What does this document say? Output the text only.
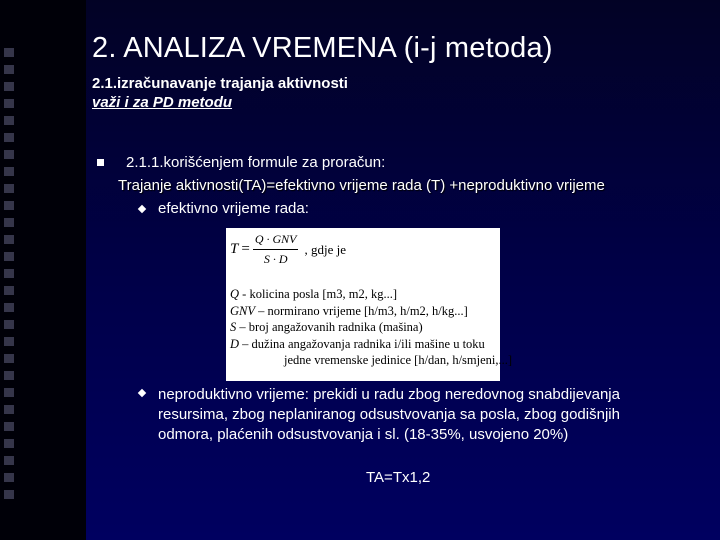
2. ANALIZA VREMENA (i-j metoda)
2.1.izračunavanje trajanja aktivnosti
važi i za PD metodu
2.1.1.korišćenjem formule za proračun:
Trajanje aktivnosti(TA)=efektivno vrijeme rada (T) +neproduktivno vrijeme
efektivno vrijeme rada:
$T = \frac{\text{Q · GNV}}{S \cdot D}$ , gdje je
Q - kolicina posla [m3, m2, kg...]
GNV – normirano vrijeme [h/m3, h/m2, h/kg...]
S – broj angažovanih radnika (mašina)
D – dužina angažovanja radnika i/ili mašine u toku
jedne vremenske jedinice [h/dan, h/smjeni,...]
neproduktivno vrijeme: prekidi u radu zbog neredovnog snabdijevanja resursima, zbog neplaniranog odsustvovanja sa posla, zbog godišnjih odmora, plaćenih odsustvovanja i sl. (18-35%, usvojeno 20%)
TA=Tx1,2
